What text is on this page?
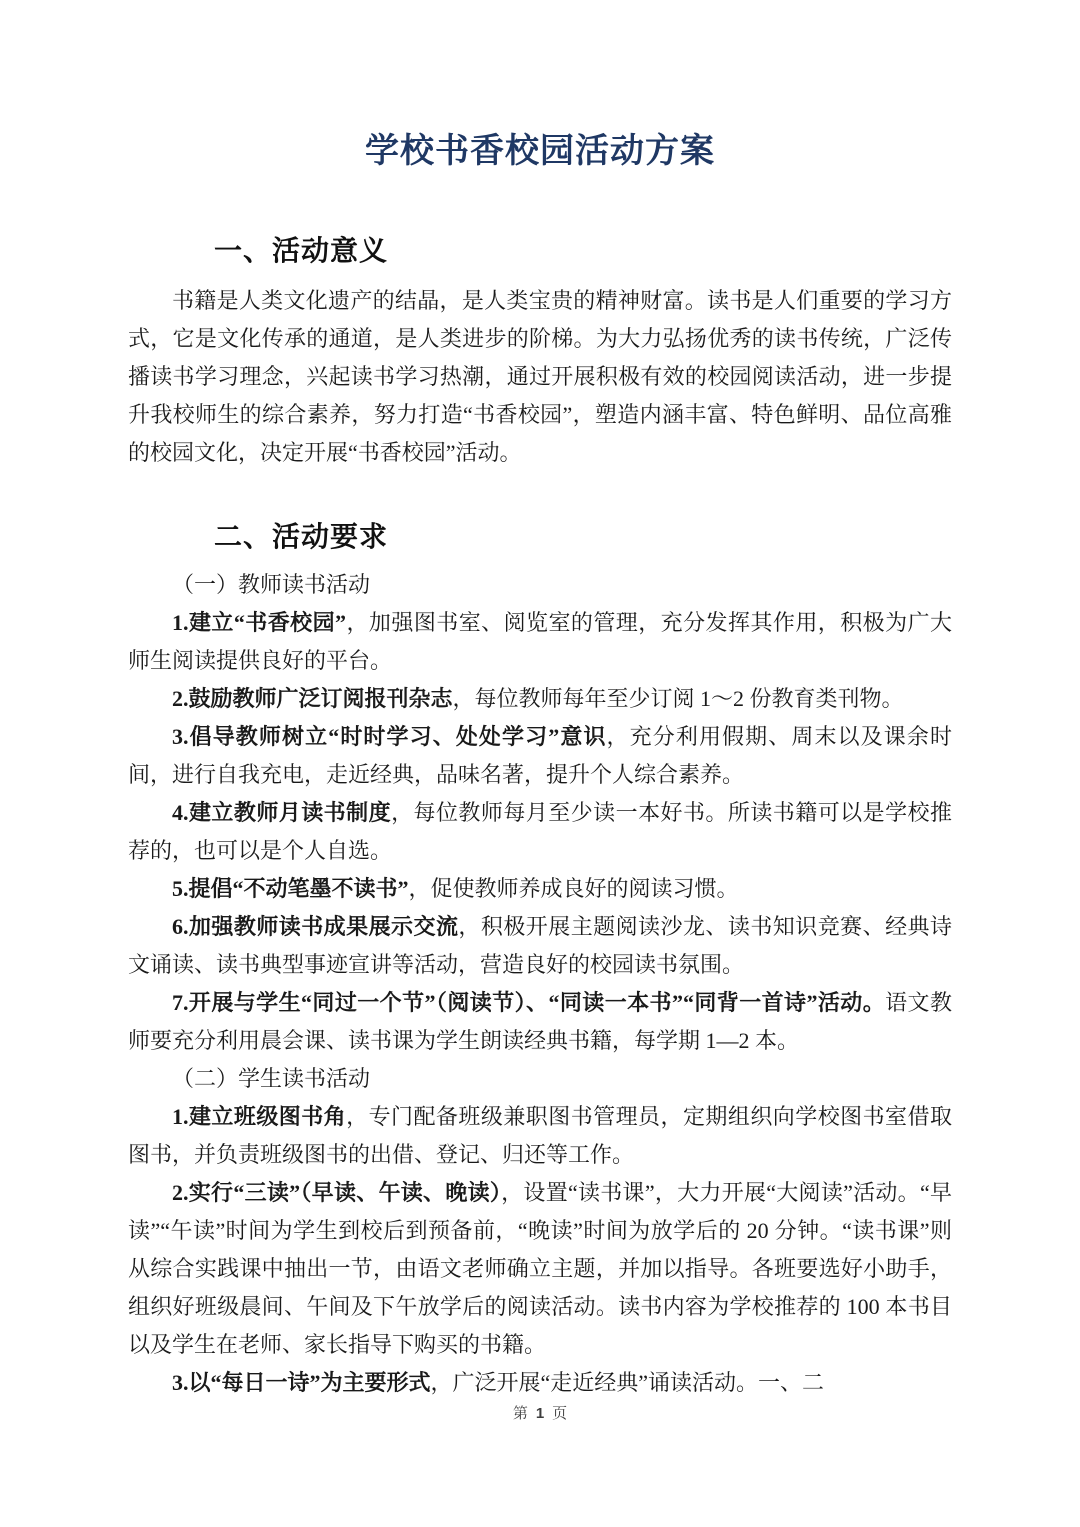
学校书香校园活动方案
一、活动意义

书籍是人类文化遗产的结晶，是人类宝贵的精神财富。读书是人们重要的学习方式，它是文化传承的通道，是人类进步的阶梯。为大力弘扬优秀的读书传统，广泛传播读书学习理念，兴起读书学习热潮，通过开展积极有效的校园阅读活动，进一步提升我校师生的综合素养，努力打造“书香校园”，塑造内涵丰富、特色鲜明、品位高雅的校园文化，决定开展“书香校园”活动。

二、活动要求

（一）教师读书活动

1.建立“书香校园”，加强图书室、阅览室的管理，充分发挥其作用，积极为广大师生阅读提供良好的平台。

2.鼓励教师广泛订阅报刊杂志，每位教师每年至少订阅 1～2 份教育类刊物。

3.倡导教师树立“时时学习、处处学习”意识，充分利用假期、周末以及课余时间，进行自我充电，走近经典，品味名著，提升个人综合素养。

4.建立教师月读书制度，每位教师每月至少读一本好书。所读书籍可以是学校推荐的，也可以是个人自选。

5.提倡“不动笔墨不读书”，促使教师养成良好的阅读习惯。

6.加强教师读书成果展示交流，积极开展主题阅读沙龙、读书知识竞赛、经典诗文诵读、读书典型事迹宣讲等活动，营造良好的校园读书氛围。

7.开展与学生“同过一个节”（阅读节）、“同读一本书”“同背一首诗”活动。语文教师要充分利用晨会课、读书课为学生朗读经典书籍，每学期 1—2 本。

（二）学生读书活动

1.建立班级图书角，专门配备班级兼职图书管理员，定期组织向学校图书室借取图书，并负责班级图书的出借、登记、归还等工作。

2.实行“三读”（早读、午读、晚读），设置“读书课”，大力开展“大阅读”活动。“早读”“午读”时间为学生到校后到预备前，“晚读”时间为放学后的 20 分钟。“读书课”则从综合实践课中抽出一节，由语文老师确立主题，并加以指导。各班要选好小助手，组织好班级晨间、午间及下午放学后的阅读活动。读书内容为学校推荐的 100 本书目以及学生在老师、家长指导下购买的书籍。

3.以“每日一诗”为主要形式，广泛开展“走近经典”诵读活动。一、二

第 1 页
